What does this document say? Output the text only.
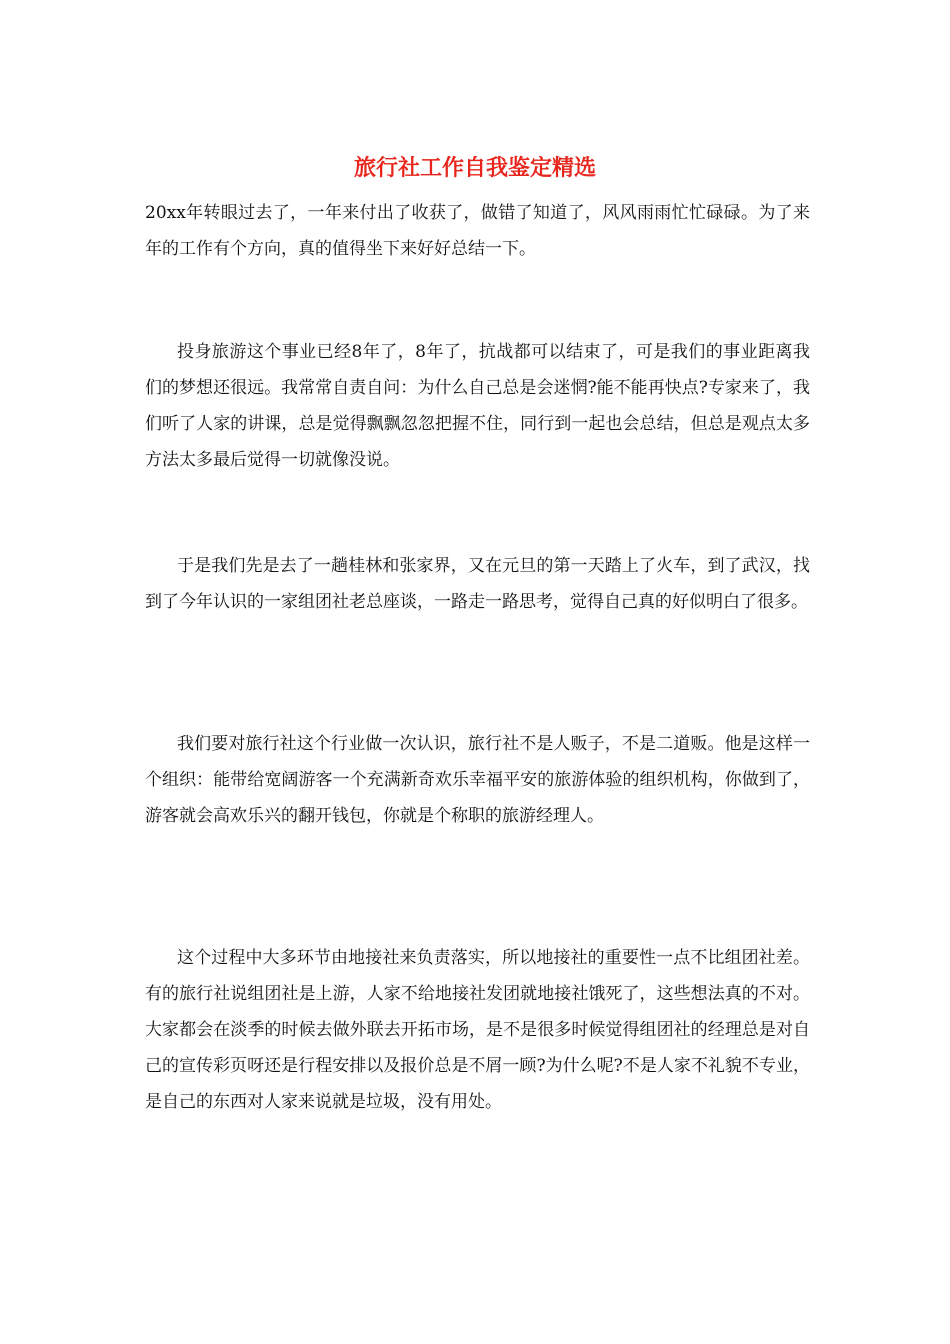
旅行社工作自我鉴定精选

20xx年转眼过去了，一年来付出了收获了，做错了知道了，风风雨雨忙忙碌碌。为了来年的工作有个方向，真的值得坐下来好好总结一下。

投身旅游这个事业已经8年了，8年了，抗战都可以结束了，可是我们的事业距离我们的梦想还很远。我常常自责自问：为什么自己总是会迷惘?能不能再快点?专家来了，我们听了人家的讲课，总是觉得飘飘忽忽把握不住，同行到一起也会总结，但总是观点太多方法太多最后觉得一切就像没说。

于是我们先是去了一趟桂林和张家界，又在元旦的第一天踏上了火车，到了武汉，找到了今年认识的一家组团社老总座谈，一路走一路思考，觉得自己真的好似明白了很多。

我们要对旅行社这个行业做一次认识，旅行社不是人贩子，不是二道贩。他是这样一个组织：能带给宽阔游客一个充满新奇欢乐幸福平安的旅游体验的组织机构，你做到了，游客就会高欢乐兴的翻开钱包，你就是个称职的旅游经理人。

这个过程中大多环节由地接社来负责落实，所以地接社的重要性一点不比组团社差。有的旅行社说组团社是上游，人家不给地接社发团就地接社饿死了，这些想法真的不对。大家都会在淡季的时候去做外联去开拓市场，是不是很多时候觉得组团社的经理总是对自己的宣传彩页呀还是行程安排以及报价总是不屑一顾?为什么呢?不是人家不礼貌不专业，是自己的东西对人家来说就是垃圾，没有用处。
